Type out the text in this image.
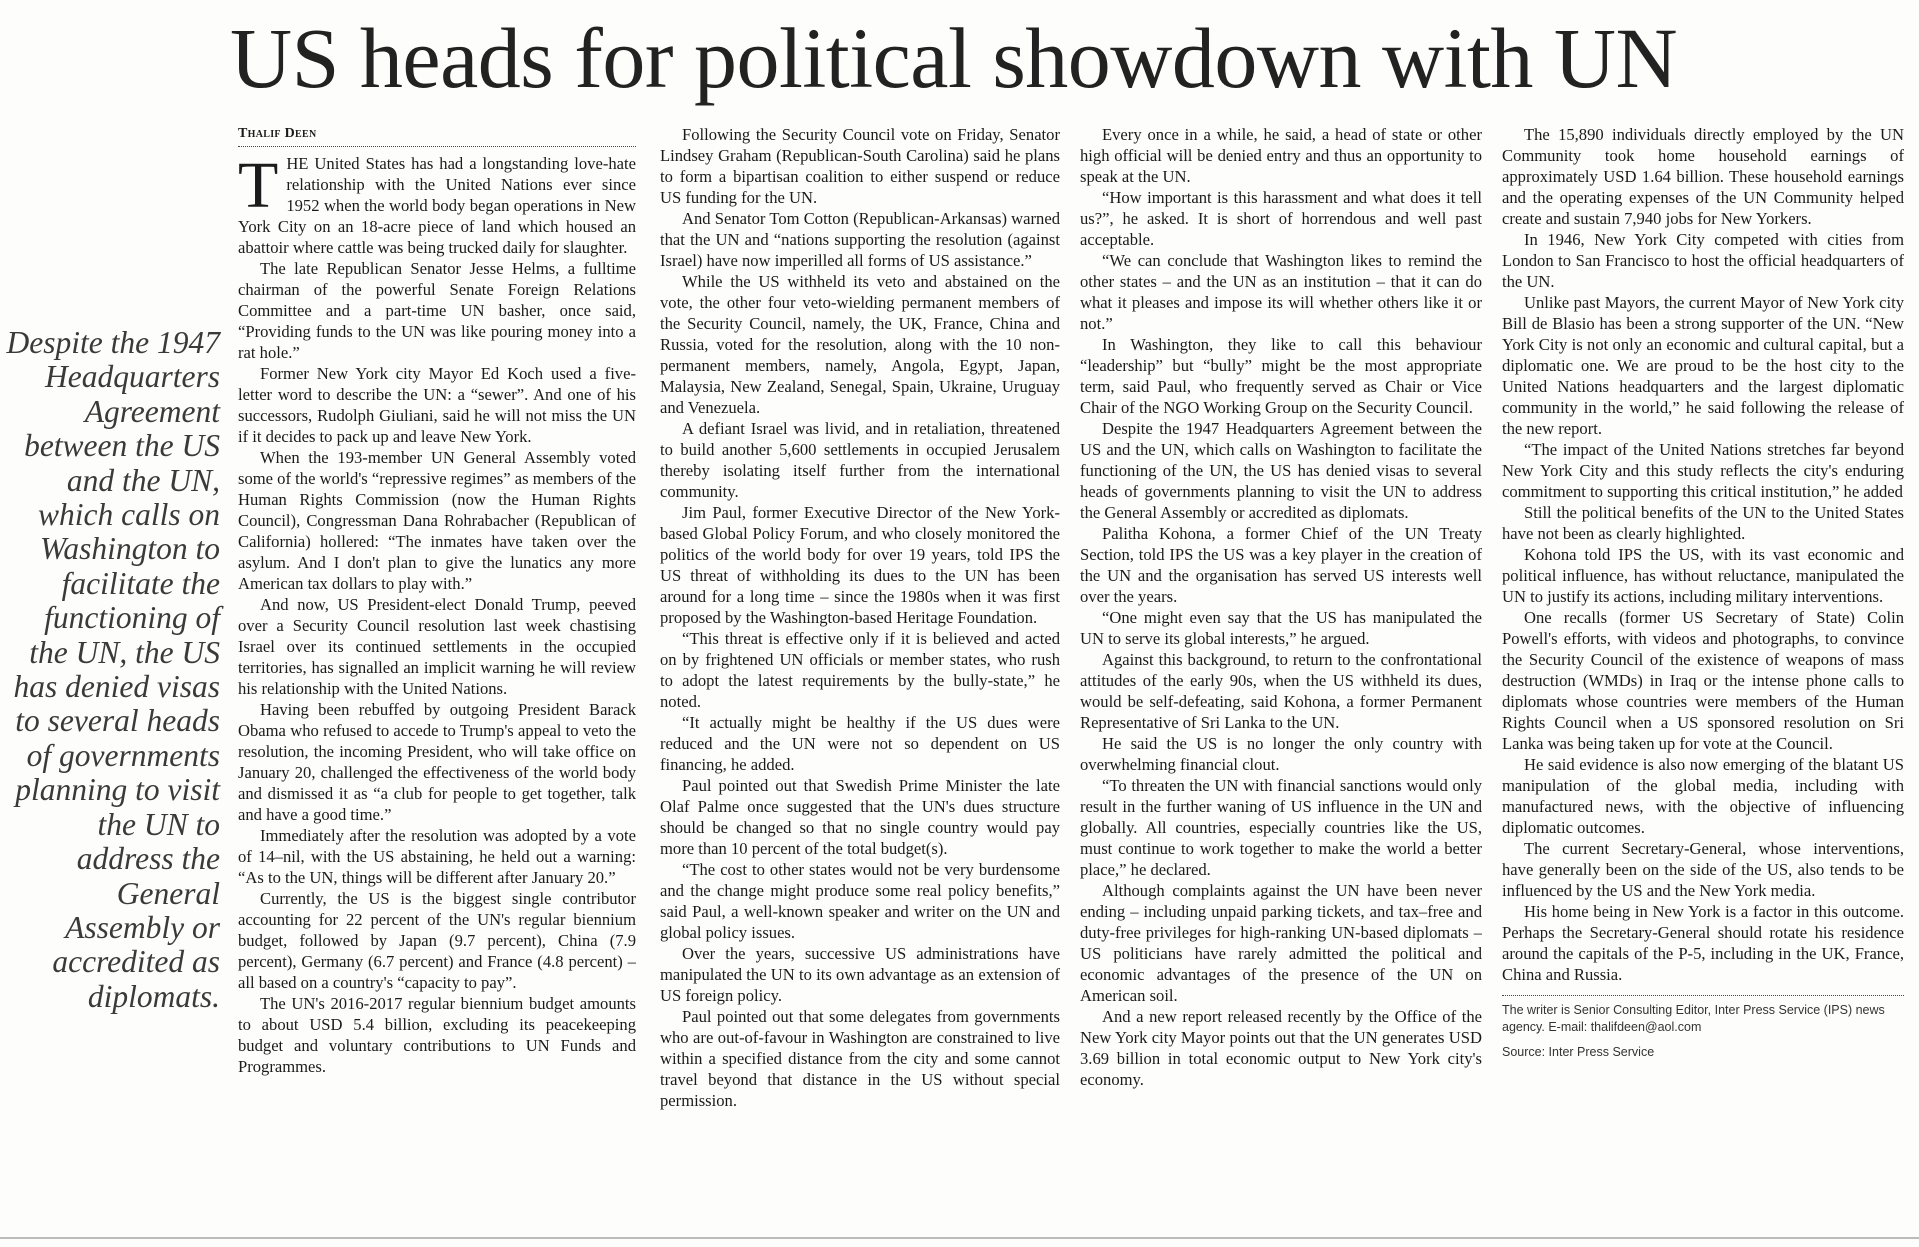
US heads for political showdown with UN
Despite the 1947 Headquarters Agreement between the US and the UN, which calls on Washington to facilitate the functioning of the UN, the US has denied visas to several heads of governments planning to visit the UN to address the General Assembly or accredited as diplomats.

Thalif Deen

THE United States has had a longstanding love-hate relationship with the United Nations ever since 1952 when the world body began operations in New York City on an 18-acre piece of land which housed an abattoir where cattle was being trucked daily for slaughter.

The late Republican Senator Jesse Helms, a fulltime chairman of the powerful Senate Foreign Relations Committee and a part-time UN basher, once said, “Providing funds to the UN was like pouring money into a rat hole.”

Former New York city Mayor Ed Koch used a five-letter word to describe the UN: a “sewer”. And one of his successors, Rudolph Giuliani, said he will not miss the UN if it decides to pack up and leave New York.

When the 193-member UN General Assembly voted some of the world's “repressive regimes” as members of the Human Rights Commission (now the Human Rights Council), Congressman Dana Rohrabacher (Republican of California) hollered: “The inmates have taken over the asylum. And I don't plan to give the lunatics any more American tax dollars to play with.”

And now, US President-elect Donald Trump, peeved over a Security Council resolution last week chastising Israel over its continued settlements in the occupied territories, has signalled an implicit warning he will review his relationship with the United Nations.

Having been rebuffed by outgoing President Barack Obama who refused to accede to Trump's appeal to veto the resolution, the incoming President, who will take office on January 20, challenged the effectiveness of the world body and dismissed it as “a club for people to get together, talk and have a good time.”

Immediately after the resolution was adopted by a vote of 14–nil, with the US abstaining, he held out a warning: “As to the UN, things will be different after January 20.”

Currently, the US is the biggest single contributor accounting for 22 percent of the UN's regular biennium budget, followed by Japan (9.7 percent), China (7.9 percent), Germany (6.7 percent) and France (4.8 percent) – all based on a country's “capacity to pay”.

The UN's 2016-2017 regular biennium budget amounts to about USD 5.4 billion, excluding its peacekeeping budget and voluntary contributions to UN Funds and Programmes.

Following the Security Council vote on Friday, Senator Lindsey Graham (Republican-South Carolina) said he plans to form a bipartisan coalition to either suspend or reduce US funding for the UN.

And Senator Tom Cotton (Republican-Arkansas) warned that the UN and “nations supporting the resolution (against Israel) have now imperilled all forms of US assistance.”

While the US withheld its veto and abstained on the vote, the other four veto-wielding permanent members of the Security Council, namely, the UK, France, China and Russia, voted for the resolution, along with the 10 non-permanent members, namely, Angola, Egypt, Japan, Malaysia, New Zealand, Senegal, Spain, Ukraine, Uruguay and Venezuela.

A defiant Israel was livid, and in retaliation, threatened to build another 5,600 settlements in occupied Jerusalem thereby isolating itself further from the international community.

Jim Paul, former Executive Director of the New York-based Global Policy Forum, and who closely monitored the politics of the world body for over 19 years, told IPS the US threat of withholding its dues to the UN has been around for a long time – since the 1980s when it was first proposed by the Washington-based Heritage Foundation.

“This threat is effective only if it is believed and acted on by frightened UN officials or member states, who rush to adopt the latest requirements by the bully-state,” he noted.

“It actually might be healthy if the US dues were reduced and the UN were not so dependent on US financing, he added.

Paul pointed out that Swedish Prime Minister the late Olaf Palme once suggested that the UN's dues structure should be changed so that no single country would pay more than 10 percent of the total budget(s).

“The cost to other states would not be very burdensome and the change might produce some real policy benefits,” said Paul, a well-known speaker and writer on the UN and global policy issues.

Over the years, successive US administrations have manipulated the UN to its own advantage as an extension of US foreign policy.

Paul pointed out that some delegates from governments who are out-of-favour in Washington are constrained to live within a specified distance from the city and some cannot travel beyond that distance in the US without special permission.

Every once in a while, he said, a head of state or other high official will be denied entry and thus an opportunity to speak at the UN.

“How important is this harassment and what does it tell us?”, he asked. It is short of horrendous and well past acceptable.

“We can conclude that Washington likes to remind the other states – and the UN as an institution – that it can do what it pleases and impose its will whether others like it or not.”

In Washington, they like to call this behaviour “leadership” but “bully” might be the most appropriate term, said Paul, who frequently served as Chair or Vice Chair of the NGO Working Group on the Security Council.

Despite the 1947 Headquarters Agreement between the US and the UN, which calls on Washington to facilitate the functioning of the UN, the US has denied visas to several heads of governments planning to visit the UN to address the General Assembly or accredited as diplomats.

Palitha Kohona, a former Chief of the UN Treaty Section, told IPS the US was a key player in the creation of the UN and the organisation has served US interests well over the years.

“One might even say that the US has manipulated the UN to serve its global interests,” he argued.

Against this background, to return to the confrontational attitudes of the early 90s, when the US withheld its dues, would be self-defeating, said Kohona, a former Permanent Representative of Sri Lanka to the UN.

He said the US is no longer the only country with overwhelming financial clout.

“To threaten the UN with financial sanctions would only result in the further waning of US influence in the UN and globally. All countries, especially countries like the US, must continue to work together to make the world a better place,” he declared.

Although complaints against the UN have been never ending – including unpaid parking tickets, and tax–free and duty-free privileges for high-ranking UN-based diplomats – US politicians have rarely admitted the political and economic advantages of the presence of the UN on American soil.

And a new report released recently by the Office of the New York city Mayor points out that the UN generates USD 3.69 billion in total economic output to New York city's economy.

The 15,890 individuals directly employed by the UN Community took home household earnings of approximately USD 1.64 billion. These household earnings and the operating expenses of the UN Community helped create and sustain 7,940 jobs for New Yorkers.

In 1946, New York City competed with cities from London to San Francisco to host the official headquarters of the UN.

Unlike past Mayors, the current Mayor of New York city Bill de Blasio has been a strong supporter of the UN. “New York City is not only an economic and cultural capital, but a diplomatic one. We are proud to be the host city to the United Nations headquarters and the largest diplomatic community in the world,” he said following the release of the new report.

“The impact of the United Nations stretches far beyond New York City and this study reflects the city's enduring commitment to supporting this critical institution,” he added

Still the political benefits of the UN to the United States have not been as clearly highlighted.

Kohona told IPS the US, with its vast economic and political influence, has without reluctance, manipulated the UN to justify its actions, including military interventions.

One recalls (former US Secretary of State) Colin Powell's efforts, with videos and photographs, to convince the Security Council of the existence of weapons of mass destruction (WMDs) in Iraq or the intense phone calls to diplomats whose countries were members of the Human Rights Council when a US sponsored resolution on Sri Lanka was being taken up for vote at the Council.

He said evidence is also now emerging of the blatant US manipulation of the global media, including with manufactured news, with the objective of influencing diplomatic outcomes.

The current Secretary-General, whose interventions, have generally been on the side of the US, also tends to be influenced by the US and the New York media.

His home being in New York is a factor in this outcome. Perhaps the Secretary-General should rotate his residence around the capitals of the P-5, including in the UK, France, China and Russia.

The writer is Senior Consulting Editor, Inter Press Service (IPS) news agency. E-mail: thalifdeen@aol.com

Source: Inter Press Service
